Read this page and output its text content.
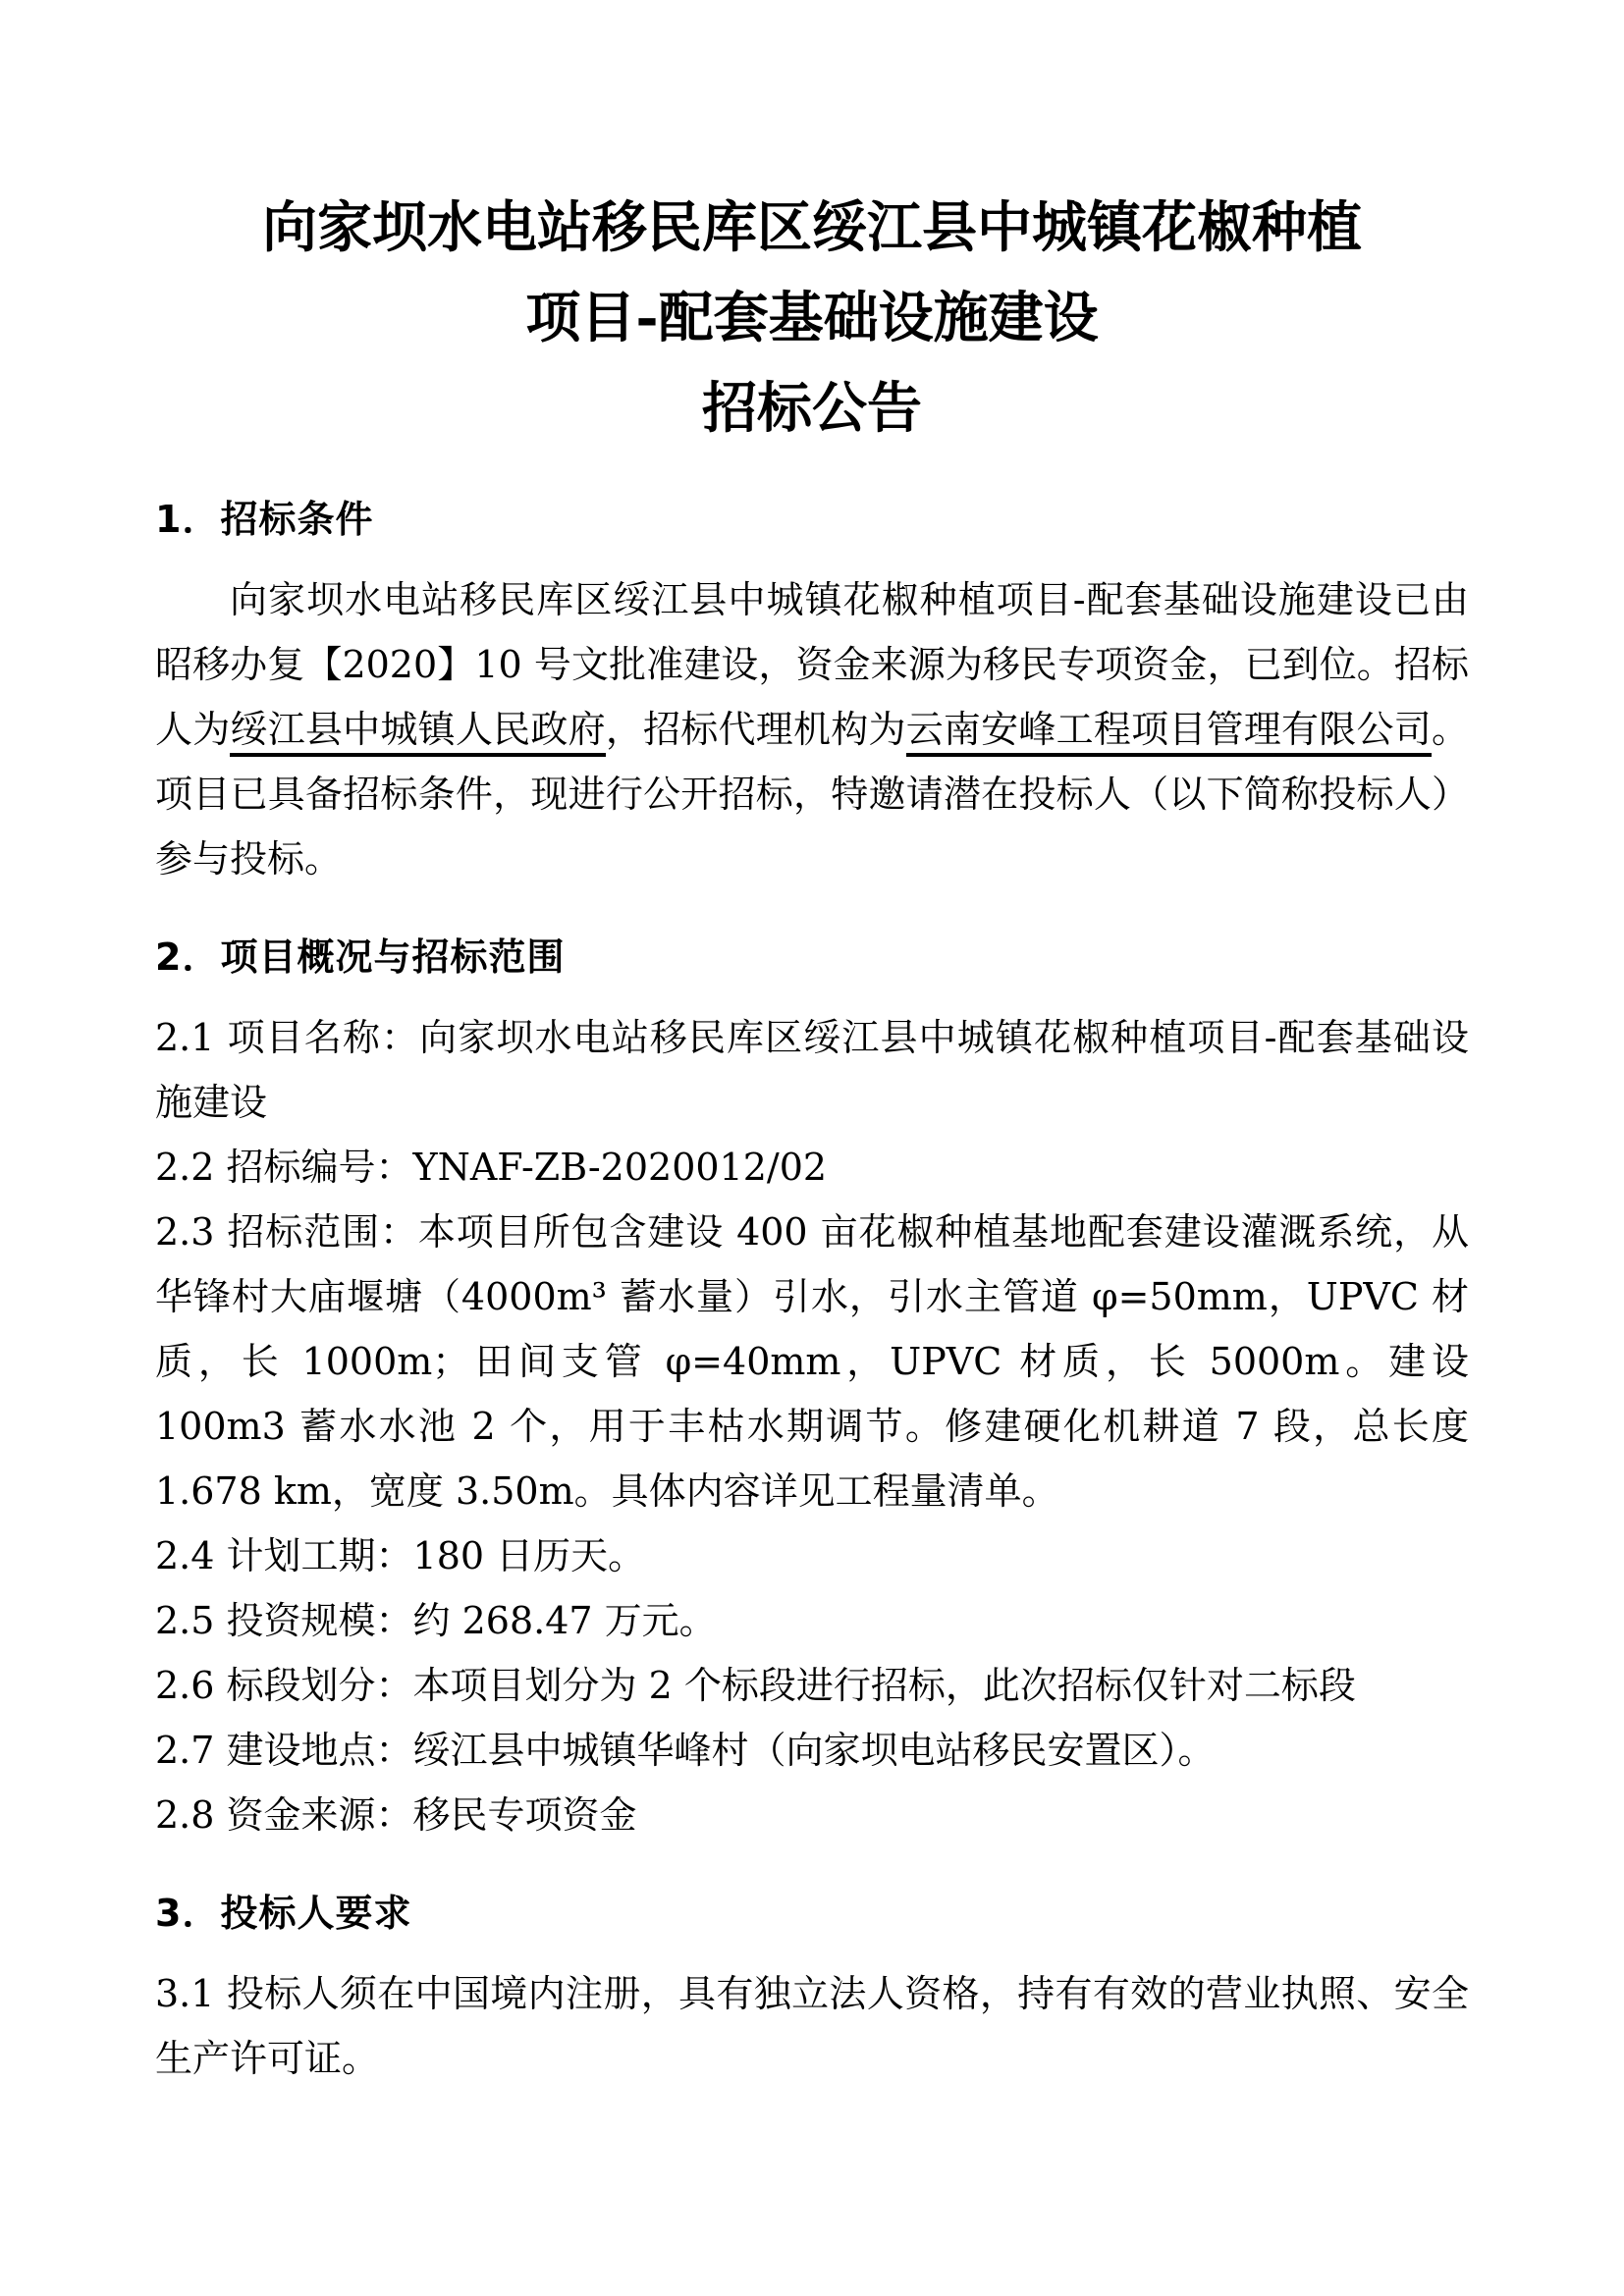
向家坝水电站移民库区绥江县中城镇花椒种植
项目-配套基础设施建设
招标公告
1．招标条件

向家坝水电站移民库区绥江县中城镇花椒种植项目-配套基础设施建设已由昭移办复【2020】10 号文批准建设，资金来源为移民专项资金，已到位。招标人为绥江县中城镇人民政府，招标代理机构为云南安峰工程项目管理有限公司。项目已具备招标条件，现进行公开招标，特邀请潜在投标人（以下简称投标人）参与投标。

2．项目概况与招标范围

2.1 项目名称：向家坝水电站移民库区绥江县中城镇花椒种植项目-配套基础设施建设

2.2 招标编号：YNAF-ZB-2020012/02

2.3 招标范围：本项目所包含建设 400 亩花椒种植基地配套建设灌溉系统，从华锋村大庙堰塘（4000m³ 蓄水量）引水，引水主管道 φ=50mm，UPVC 材质，长 1000m；田间支管 φ=40mm，UPVC 材质，长 5000m。建设 100m3 蓄水水池 2 个，用于丰枯水期调节。修建硬化机耕道 7 段，总长度 1.678 km，宽度 3.50m。具体内容详见工程量清单。

2.4 计划工期：180 日历天。

2.5 投资规模：约 268.47 万元。

2.6 标段划分：本项目划分为 2 个标段进行招标，此次招标仅针对二标段

2.7 建设地点：绥江县中城镇华峰村（向家坝电站移民安置区）。

2.8 资金来源：移民专项资金

3．投标人要求

3.1 投标人须在中国境内注册，具有独立法人资格，持有有效的营业执照、安全生产许可证。
